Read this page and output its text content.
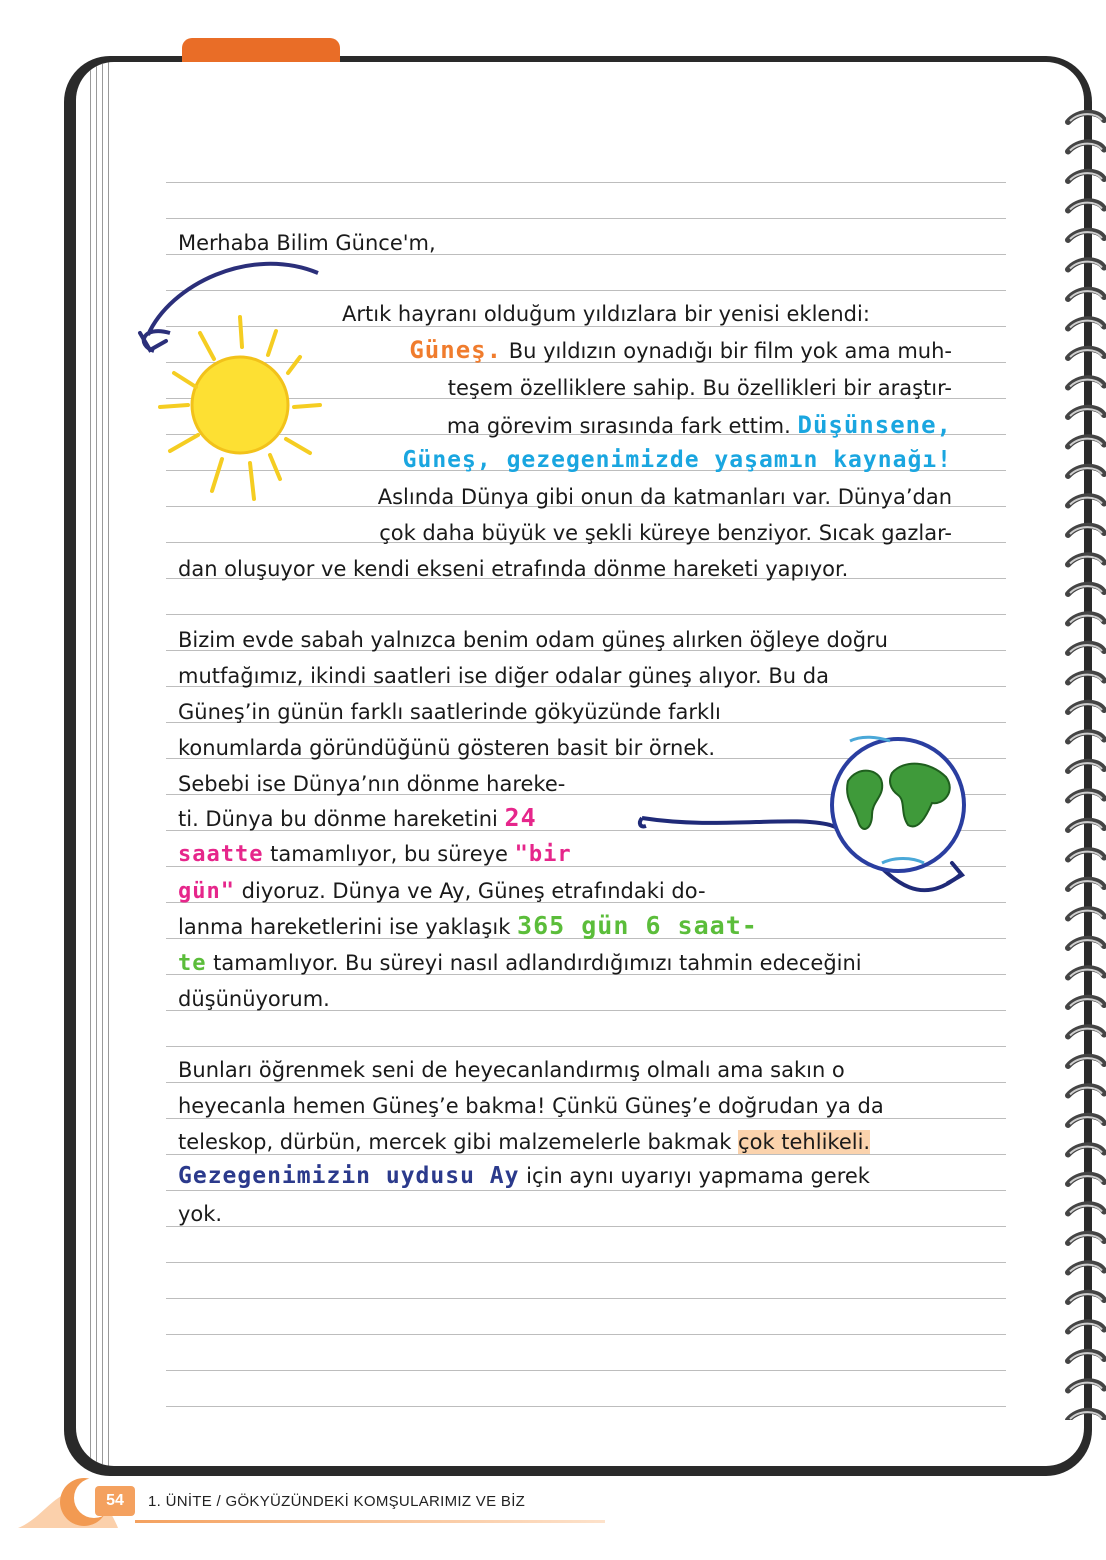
Merhaba Bilim Günce'm,
Artık hayranı olduğum yıldızlara bir yenisi eklendi:
Güneş. Bu yıldızın oynadığı bir film yok ama muh-
teşem özelliklere sahip. Bu özellikleri bir araştır-
ma görevim sırasında fark ettim. Düşünsene,
Güneş, gezegenimizde yaşamın kaynağı!
Aslında Dünya gibi onun da katmanları var. Dünya’dan
çok daha büyük ve şekli küreye benziyor. Sıcak gazlar-
dan oluşuyor ve kendi ekseni etrafında dönme hareketi yapıyor.
Bizim evde sabah yalnızca benim odam güneş alırken öğleye doğru
mutfağımız, ikindi saatleri ise diğer odalar güneş alıyor. Bu da
Güneş’in günün farklı saatlerinde gökyüzünde farklı
konumlarda göründüğünü gösteren basit bir örnek.
Sebebi ise Dünya’nın dönme hareke-
ti. Dünya bu dönme hareketini 24
saatte tamamlıyor, bu süreye "bir
gün" diyoruz. Dünya ve Ay, Güneş etrafındaki do-
lanma hareketlerini ise yaklaşık 365 gün 6 saat-
te tamamlıyor. Bu süreyi nasıl adlandırdığımızı tahmin edeceğini
düşünüyorum.
Bunları öğrenmek seni de heyecanlandırmış olmalı ama sakın o
heyecanla hemen Güneş’e bakma! Çünkü Güneş’e doğrudan ya da
teleskop, dürbün, mercek gibi malzemelerle bakmak çok tehlikeli.
Gezegenimizin uydusu Ay için aynı uyarıyı yapmama gerek
yok.
54	1. ÜNİTE / GÖKYÜZÜNDEKİ KOMŞULARIMIZ VE BİZ
